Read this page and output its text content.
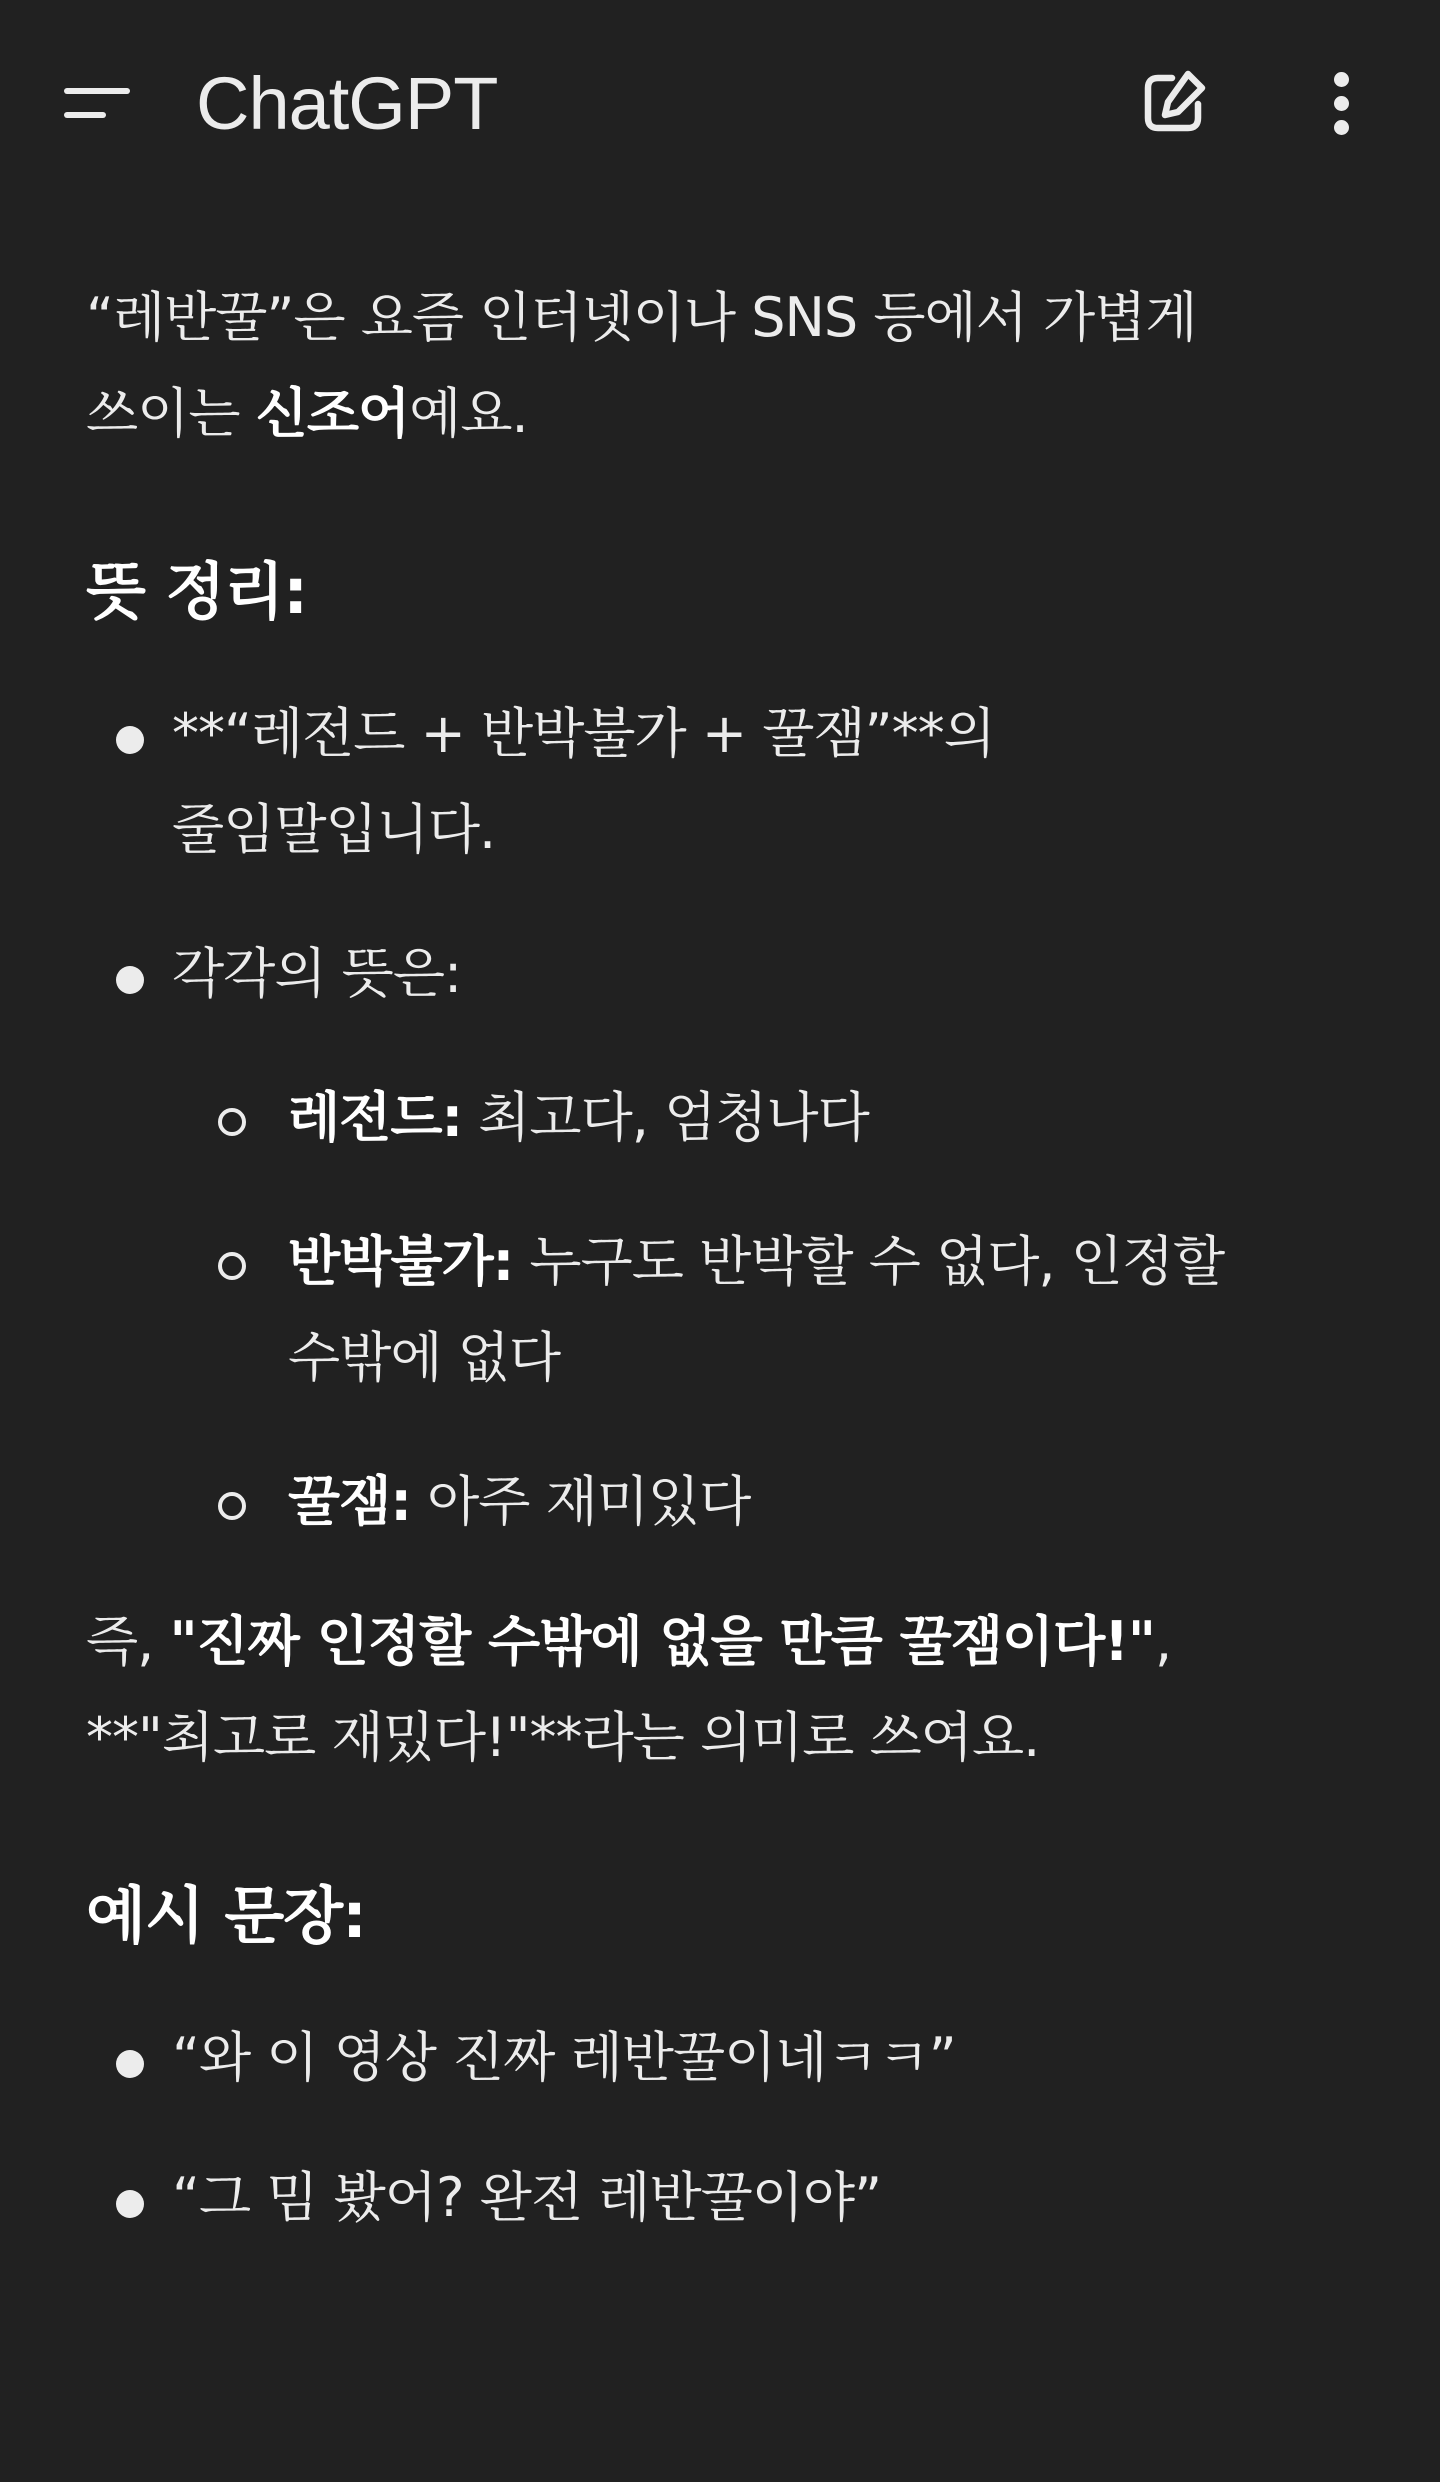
ChatGPT
“레반꿀”은 요즘 인터넷이나 SNS 등에서 가볍게
쓰이는 신조어예요.
뜻 정리:
**“레전드 + 반박불가 + 꿀잼”**의
줄임말입니다.
각각의 뜻은:
레전드: 최고다, 엄청나다
반박불가: 누구도 반박할 수 없다, 인정할
수밖에 없다
꿀잼: 아주 재미있다
즉, "진짜 인정할 수밖에 없을 만큼 꿀잼이다!",
**"최고로 재밌다!"**라는 의미로 쓰여요.
예시 문장:
“와 이 영상 진짜 레반꿀이네ㅋㅋ”
“그 밈 봤어? 완전 레반꿀이야”
